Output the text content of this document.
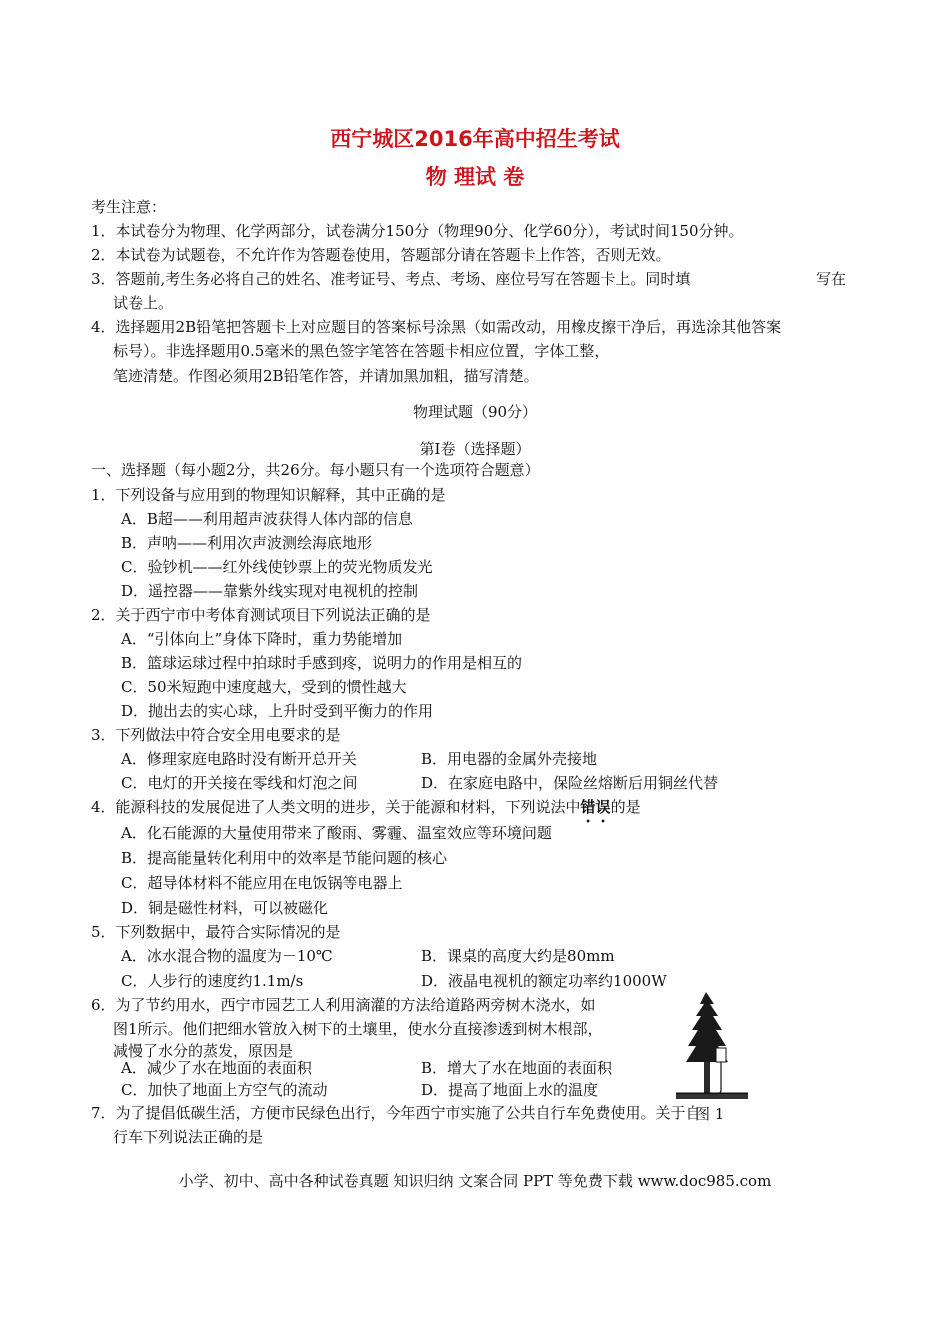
西宁城区2016年高中招生考试
物 理试 卷
考生注意：
1．本试卷分为物理、化学两部分，试卷满分150分（物理90分、化学60分），考试时间150分钟。
2．本试卷为试题卷，不允许作为答题卷使用，答题部分请在答题卡上作答，否则无效。
3．答题前,考生务必将自己的姓名、准考证号、考点、考场、座位号写在答题卡上。同时填	写在
试卷上。
4．选择题用2B铅笔把答题卡上对应题目的答案标号涂黑（如需改动，用橡皮擦干净后，再选涂其他答案
标号）。非选择题用0.5毫米的黑色签字笔答在答题卡相应位置，字体工整，
笔迹清楚。作图必须用2B铅笔作答，并请加黑加粗，描写清楚。
物理试题（90分）
第Ⅰ卷（选择题）
一、选择题（每小题2分，共26分。每小题只有一个选项符合题意）
1．下列设备与应用到的物理知识解释，其中正确的是
A．B超——利用超声波获得人体内部的信息
B．声呐——利用次声波测绘海底地形
C．验钞机——红外线使钞票上的荧光物质发光
D．遥控器——靠紫外线实现对电视机的控制
2．关于西宁市中考体育测试项目下列说法正确的是
A．“引体向上”身体下降时，重力势能增加
B．篮球运球过程中拍球时手感到疼，说明力的作用是相互的
C．50米短跑中速度越大，受到的惯性越大
D．抛出去的实心球，上升时受到平衡力的作用
3．下列做法中符合安全用电要求的是
A．修理家庭电路时没有断开总开关	B．用电器的金属外壳接地
C．电灯的开关接在零线和灯泡之间	D．在家庭电路中，保险丝熔断后用铜丝代替
4．能源科技的发展促进了人类文明的进步，关于能源和材料，下列说法中错误的是
A．化石能源的大量使用带来了酸雨、雾霾、温室效应等环境问题
B．提高能量转化利用中的效率是节能问题的核心
C．超导体材料不能应用在电饭锅等电器上
D．铜是磁性材料，可以被磁化
5．下列数据中，最符合实际情况的是
A．冰水混合物的温度为－10℃	B．课桌的高度大约是80mm
C．人步行的速度约1.1m/s	D．液晶电视机的额定功率约1000W
6．为了节约用水，西宁市园艺工人利用滴灌的方法给道路两旁树木浇水，如
图1所示。他们把细水管放入树下的土壤里，使水分直接渗透到树木根部，
减慢了水分的蒸发，原因是
A．减少了水在地面的表面积	B．增大了水在地面的表面积
C．加快了地面上方空气的流动	D．提高了地面上水的温度
图 1
7．为了提倡低碳生活，方便市民绿色出行，今年西宁市实施了公共自行车免费使用。关于自
行车下列说法正确的是
小学、初中、高中各种试卷真题 知识归纳 文案合同 PPT 等免费下载 www.doc985.com
